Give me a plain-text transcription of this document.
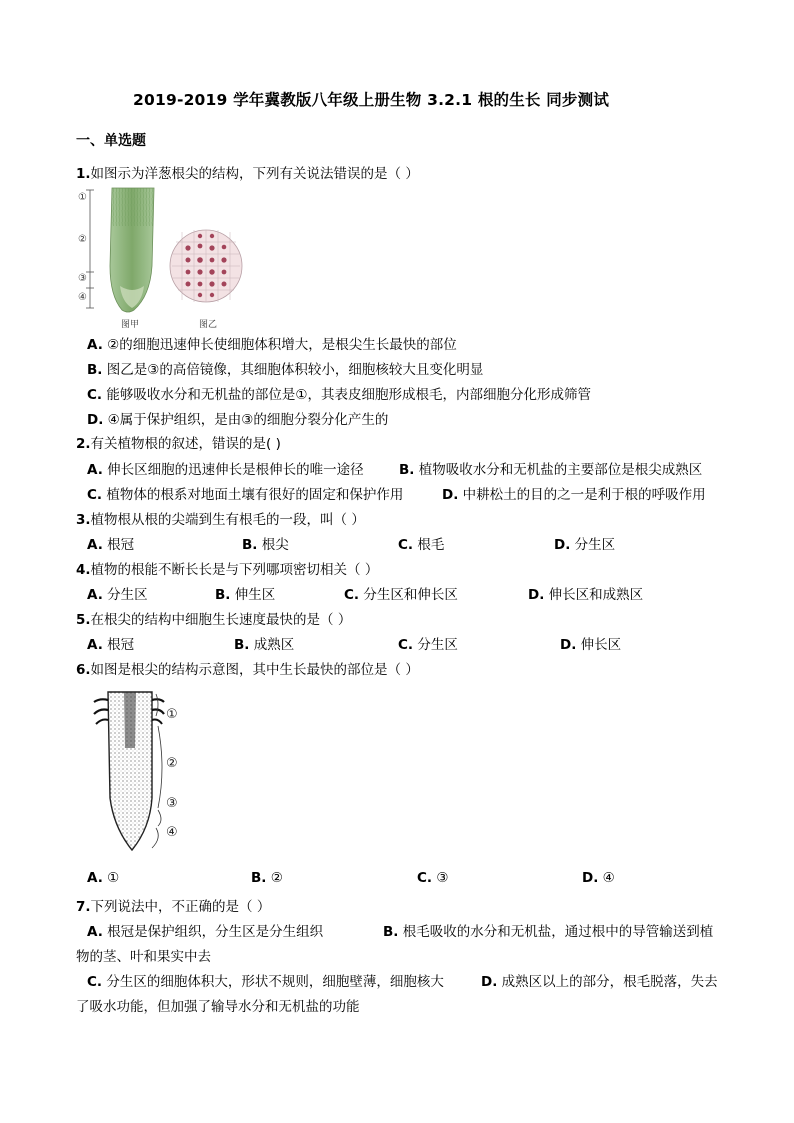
2019-2019 学年冀教版八年级上册生物 3.2.1 根的生长 同步测试
一、单选题
1.如图示为洋葱根尖的结构，下列有关说法错误的是（ ）
①
②
③
④
图甲	图乙
A. ②的细胞迅速伸长使细胞体积增大，是根尖生长最快的部位
B. 图乙是③的高倍镜像，其细胞体积较小，细胞核较大且变化明显
C. 能够吸收水分和无机盐的部位是①，其表皮细胞形成根毛，内部细胞分化形成筛管
D. ④属于保护组织，是由③的细胞分裂分化产生的
2.有关植物根的叙述，错误的是( )
A. 伸长区细胞的迅速伸长是根伸长的唯一途径	B. 植物吸收水分和无机盐的主要部位是根尖成熟区
C. 植物体的根系对地面土壤有很好的固定和保护作用	D. 中耕松土的目的之一是利于根的呼吸作用
3.植物根从根的尖端到生有根毛的一段，叫（ ）
A. 根冠	B. 根尖	C. 根毛	D. 分生区
4.植物的根能不断长长是与下列哪项密切相关（ ）
A. 分生区	B. 伸生区	C. 分生区和伸长区	D. 伸长区和成熟区
5.在根尖的结构中细胞生长速度最快的是（ ）
A. 根冠	B. 成熟区	C. 分生区	D. 伸长区
6.如图是根尖的结构示意图，其中生长最快的部位是（ ）
①
②
③
④
A. ①	B. ②	C. ③	D. ④
7.下列说法中，不正确的是（ ）
A. 根冠是保护组织，分生区是分生组织	B. 根毛吸收的水分和无机盐，通过根中的导管输送到植
物的茎、叶和果实中去
C. 分生区的细胞体积大，形状不规则，细胞壁薄，细胞核大	D. 成熟区以上的部分，根毛脱落，失去
了吸水功能，但加强了输导水分和无机盐的功能
